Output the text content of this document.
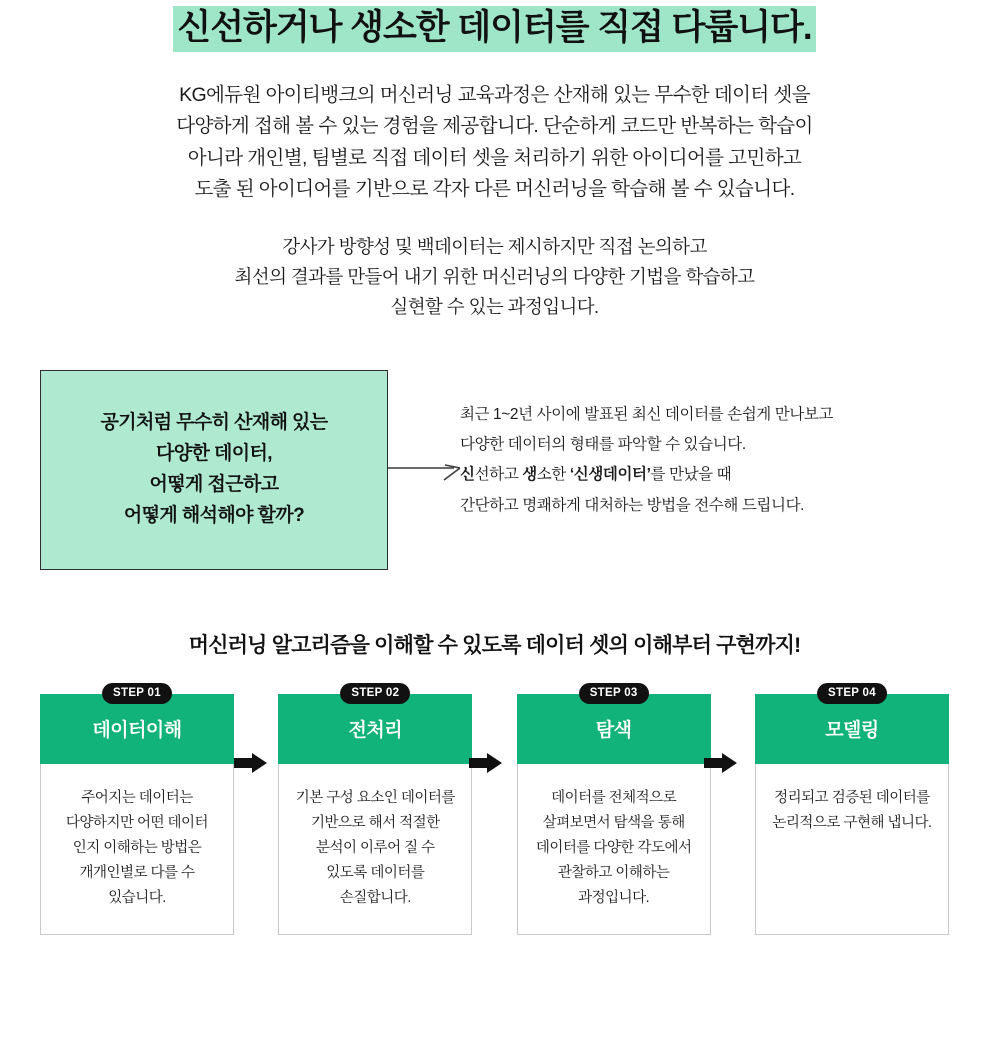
신선하거나 생소한 데이터를 직접 다룹니다.

KG에듀원 아이티뱅크의 머신러닝 교육과정은 산재해 있는 무수한 데이터 셋을

다양하게 접해 볼 수 있는 경험을 제공합니다. 단순하게 코드만 반복하는 학습이

아니라 개인별, 팀별로 직접 데이터 셋을 처리하기 위한 아이디어를 고민하고

도출 된 아이디어를 기반으로 각자 다른 머신러닝을 학습해 볼 수 있습니다.

강사가 방향성 및 백데이터는 제시하지만 직접 논의하고

최선의 결과를 만들어 내기 위한 머신러닝의 다양한 기법을 학습하고

실현할 수 있는 과정입니다.

공기처럼 무수히 산재해 있는
다양한 데이터,
어떻게 접근하고
어떻게 해석해야 할까?
최근 1~2년 사이에 발표된 최신 데이터를 손쉽게 만나보고
다양한 데이터의 형태를 파악할 수 있습니다.
신선하고 생소한 ‘신생데이터’를 만났을 때
간단하고 명쾌하게 대처하는 방법을 전수해 드립니다.
머신러닝 알고리즘을 이해할 수 있도록 데이터 셋의 이해부터 구현까지!
STEP 01
데이터이해
주어지는 데이터는
다양하지만 어떤 데이터
인지 이해하는 방법은
개개인별로 다를 수
있습니다.
STEP 02
전처리
기본 구성 요소인 데이터를
기반으로 해서 적절한
분석이 이루어 질 수
있도록 데이터를
손질합니다.
STEP 03
탐색
데이터를 전체적으로
살펴보면서 탐색을 통해
데이터를 다양한 각도에서
관찰하고 이해하는
과정입니다.
STEP 04
모델링
정리되고 검증된 데이터를
논리적으로 구현해 냅니다.
